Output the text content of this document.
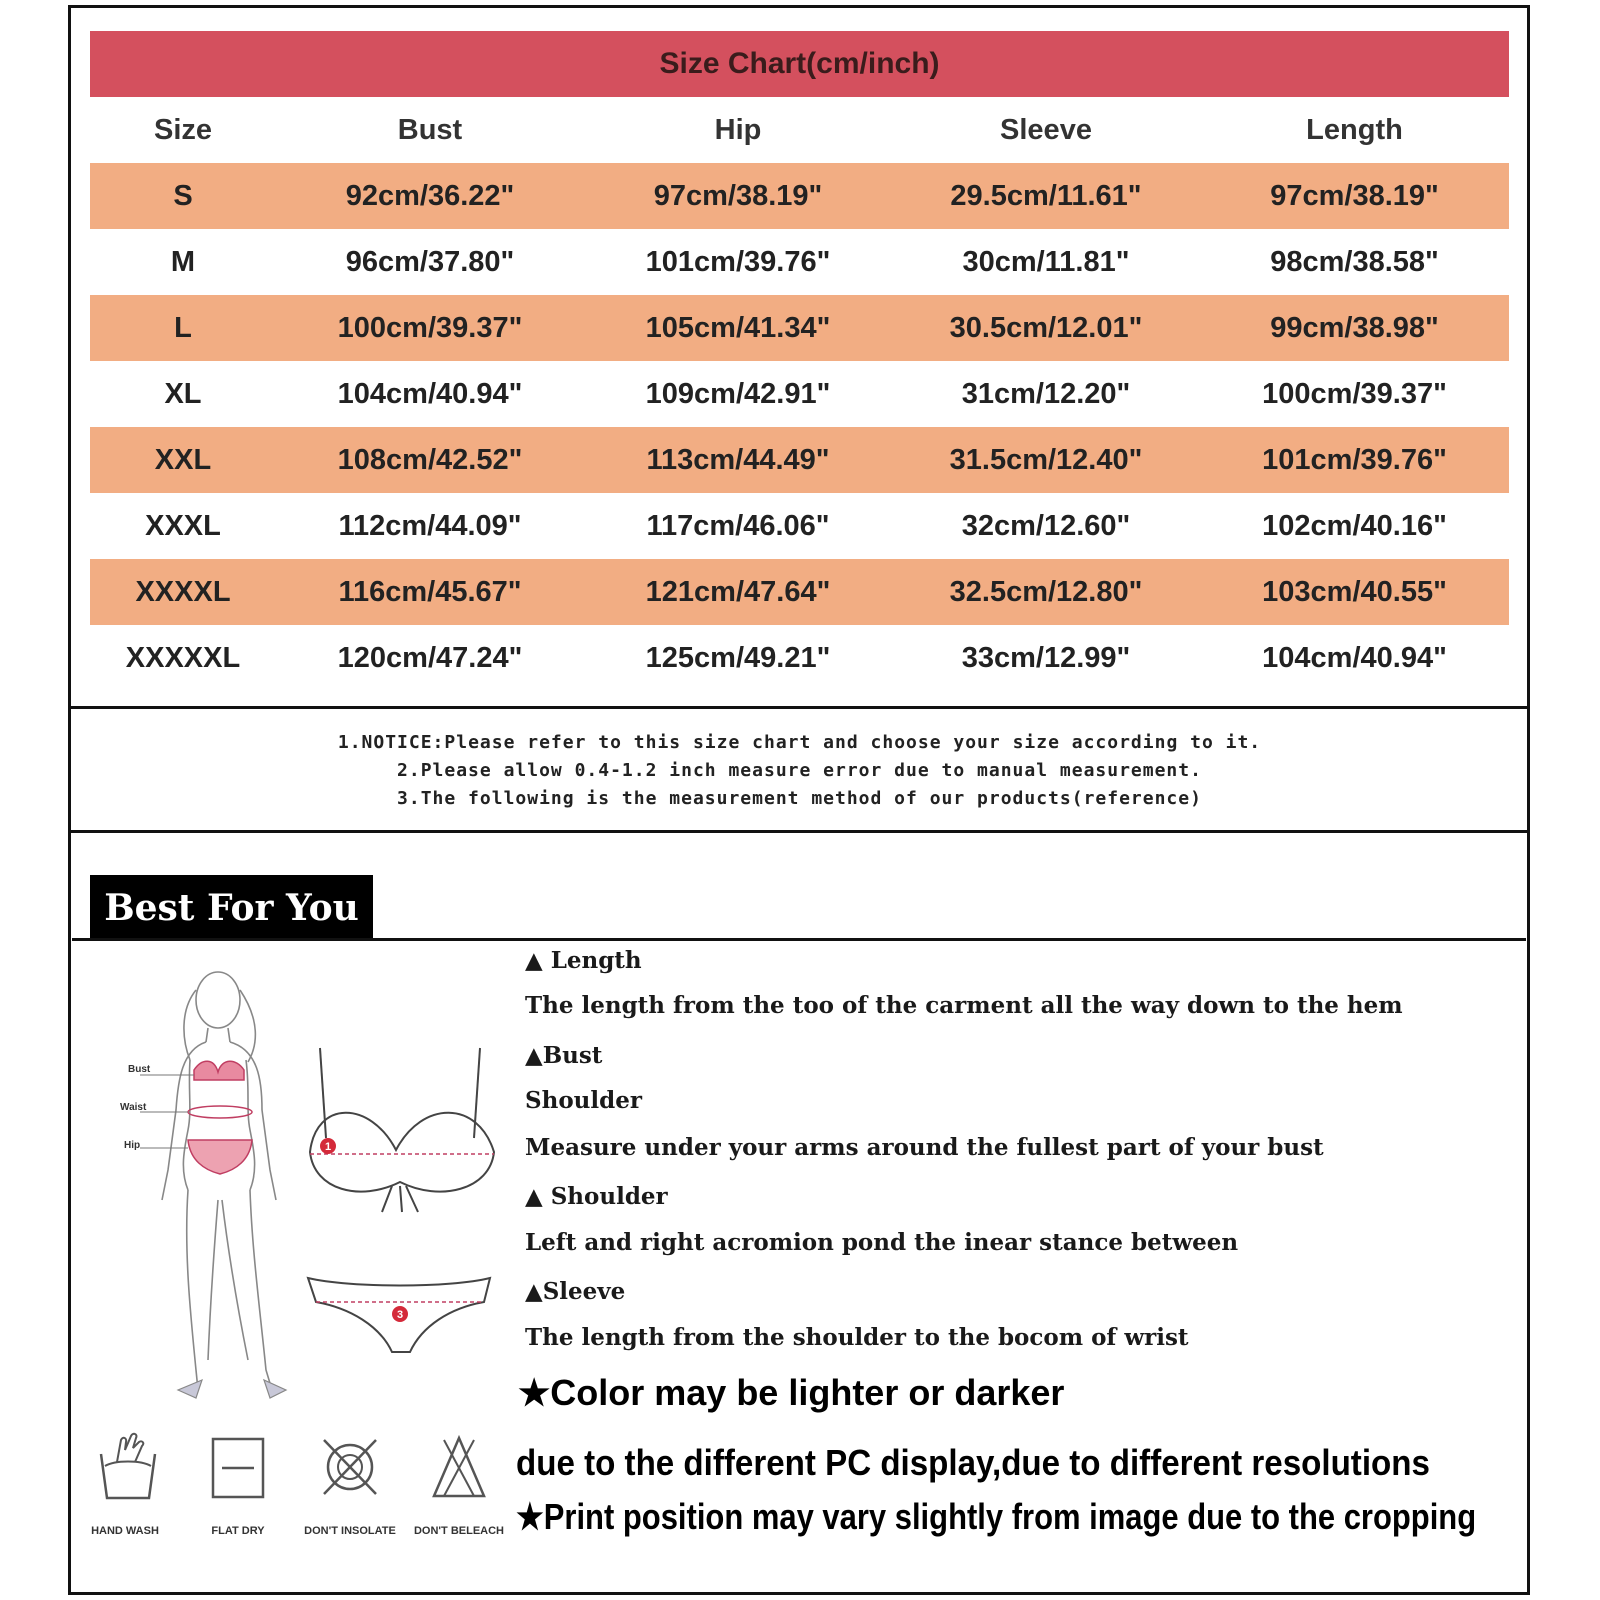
Size Chart(cm/inch)
Size	Bust	Hip	Sleeve	Length
S	92cm/36.22"	97cm/38.19"	29.5cm/11.61"	97cm/38.19"
M	96cm/37.80"	101cm/39.76"	30cm/11.81"	98cm/38.58"
L	100cm/39.37"	105cm/41.34"	30.5cm/12.01"	99cm/38.98"
XL	104cm/40.94"	109cm/42.91"	31cm/12.20"	100cm/39.37"
XXL	108cm/42.52"	113cm/44.49"	31.5cm/12.40"	101cm/39.76"
XXXL	112cm/44.09"	117cm/46.06"	32cm/12.60"	102cm/40.16"
XXXXL	116cm/45.67"	121cm/47.64"	32.5cm/12.80"	103cm/40.55"
XXXXXL	120cm/47.24"	125cm/49.21"	33cm/12.99"	104cm/40.94"
1.NOTICE:Please refer to this size chart and choose your size according to it.
2.Please allow 0.4-1.2 inch measure error due to manual measurement.
3.The following is the measurement method of our products(reference)
Best For You
Bust
Waist
Hip	1
3
▲ Length
The length from the too of the carment all the way down to the hem
▲Bust
Shoulder
Measure under your arms around the fullest part of your bust
▲ Shoulder
Left and right acromion pond the inear stance between
▲Sleeve
The length from the shoulder to the bocom of wrist
★Color may be lighter or darker
due to the different PC display,due to different resolutions
★Print position may vary slightly from image due to the cropping
HAND WASH	FLAT DRY	DON'T INSOLATE	DON'T BELEACH
